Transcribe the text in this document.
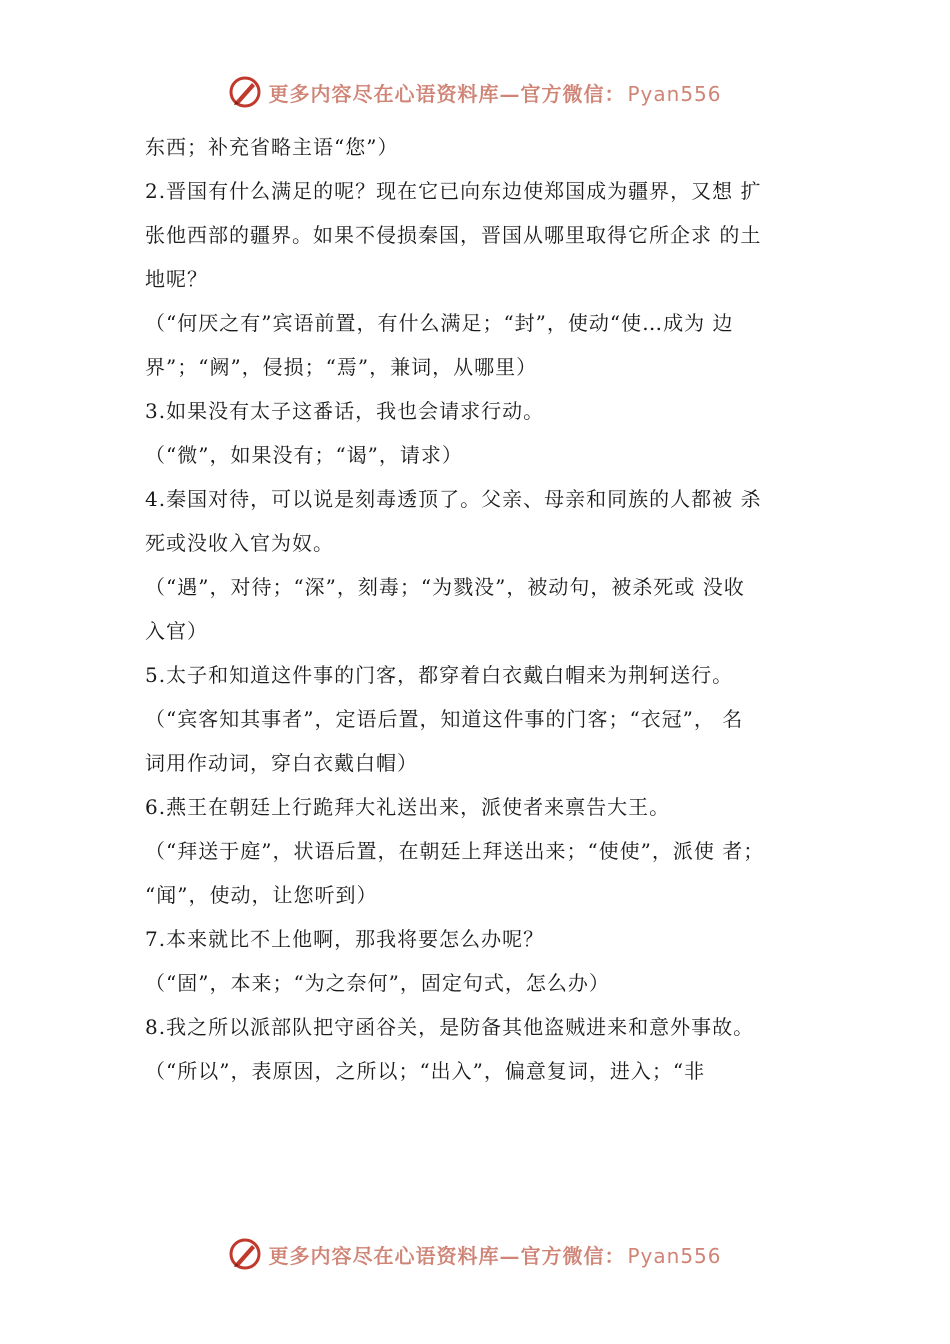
更多内容尽在心语资料库—官方微信： Pyan556
东西；补充省略主语“您”）
2.晋国有什么满足的呢？现在它已向东边使郑国成为疆界，又想 扩
张他西部的疆界。如果不侵损秦国，晋国从哪里取得它所企求 的土
地呢？
（“何厌之有”宾语前置，有什么满足；“封”，使动“使…成为 边
界”；“阙”，侵损；“焉”，兼词，从哪里）
3.如果没有太子这番话，我也会请求行动。
（“微”，如果没有；“谒”，请求）
4.秦国对待，可以说是刻毒透顶了。父亲、母亲和同族的人都被 杀
死或没收入官为奴。
（“遇”，对待；“深”，刻毒；“为戮没”，被动句，被杀死或 没收
入官）
5.太子和知道这件事的门客，都穿着白衣戴白帽来为荆轲送行。
（“宾客知其事者”，定语后置，知道这件事的门客；“衣冠”， 名
词用作动词，穿白衣戴白帽）
6.燕王在朝廷上行跪拜大礼送出来，派使者来禀告大王。
（“拜送于庭”，状语后置，在朝廷上拜送出来；“使使”，派使 者；
“闻”，使动，让您听到）
7.本来就比不上他啊，那我将要怎么办呢？
（“固”，本来；“为之奈何”，固定句式，怎么办）
8.我之所以派部队把守函谷关，是防备其他盗贼进来和意外事故。
（“所以”，表原因，之所以；“出入”，偏意复词，进入；“非
更多内容尽在心语资料库—官方微信： Pyan556
